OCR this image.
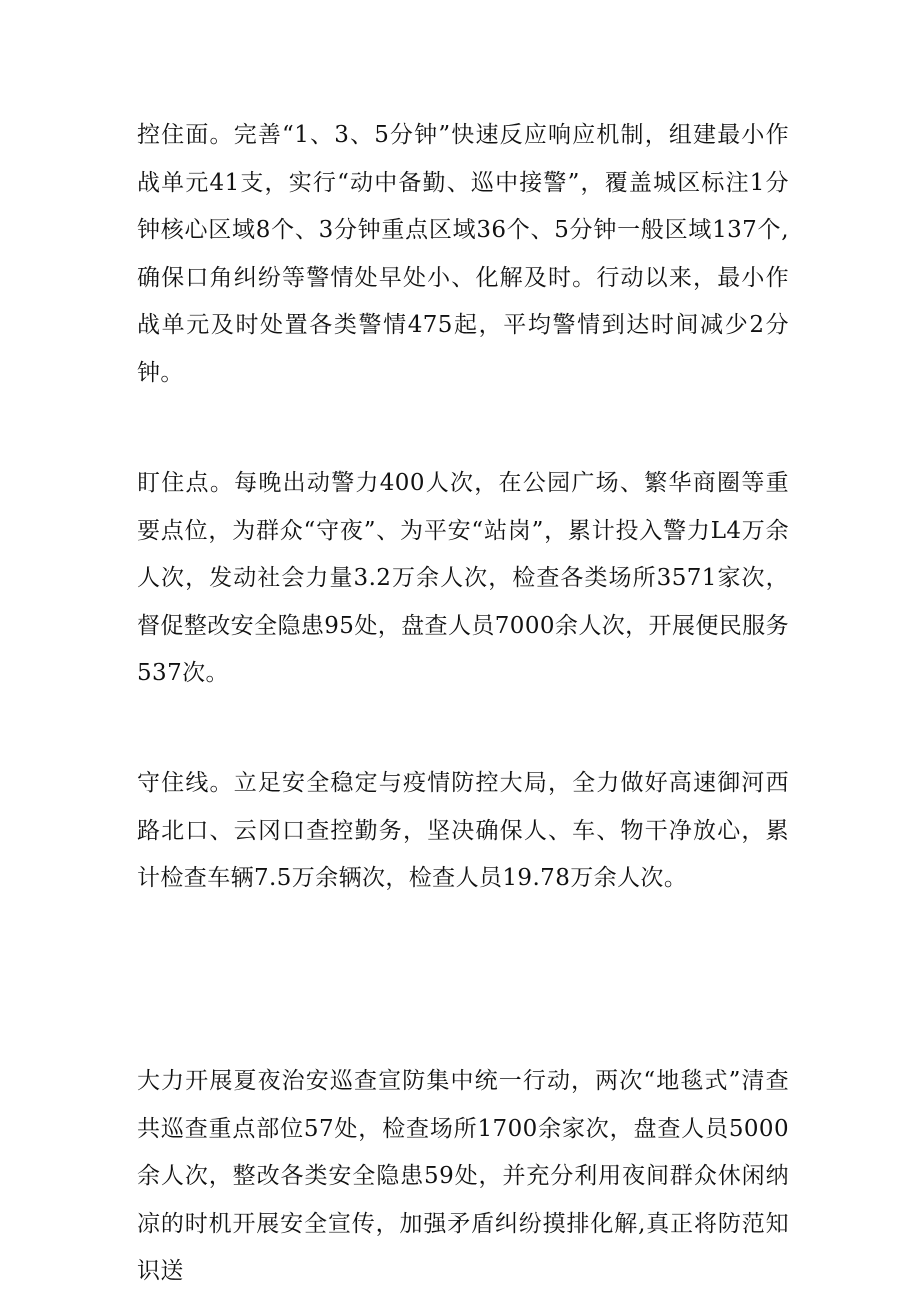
控住面。完善“1、3、5分钟”快速反应响应机制，组建最小作战单元41支，实行“动中备勤、巡中接警”，覆盖城区标注1分钟核心区域8个、3分钟重点区域36个、5分钟一般区域137个,确保口角纠纷等警情处早处小、化解及时。行动以来，最小作战单元及时处置各类警情475起，平均警情到达时间减少2分钟。

盯住点。每晚出动警力400人次，在公园广场、繁华商圈等重要点位，为群众“守夜”、为平安“站岗”，累计投入警力L4万余人次，发动社会力量3.2万余人次，检查各类场所3571家次，督促整改安全隐患95处，盘查人员7000余人次，开展便民服务537次。

守住线。立足安全稳定与疫情防控大局，全力做好高速御河西路北口、云冈口查控勤务，坚决确保人、车、物干净放心，累计检查车辆7.5万余辆次，检查人员19.78万余人次。

大力开展夏夜治安巡查宣防集中统一行动，两次“地毯式”清查共巡查重点部位57处，检查场所1700余家次，盘查人员5000余人次，整改各类安全隐患59处，并充分利用夜间群众休闲纳凉的时机开展安全宣传，加强矛盾纠纷摸排化解,真正将防范知识送
